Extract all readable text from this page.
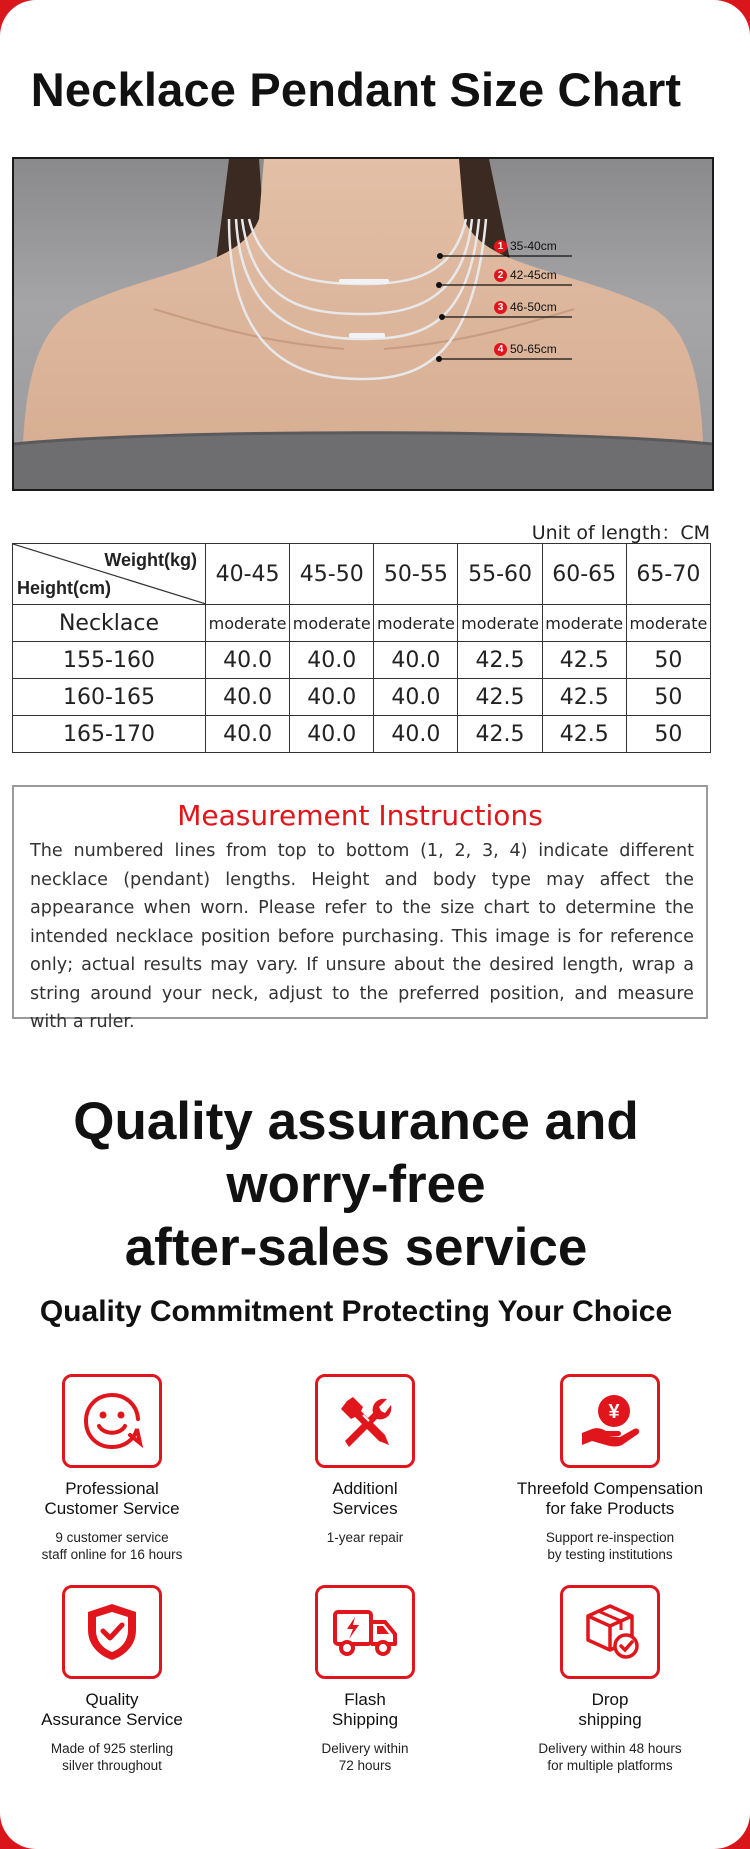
Necklace Pendant Size Chart
1 35-40cm
2 42-45cm
3 46-50cm
4 50-65cm
Unit of length：CM
Weight(kg)
Height(cm)	40-45	45-50	50-55	55-60	60-65	65-70
Necklace	moderate	moderate	moderate	moderate	moderate	moderate
155-160	40.0	40.0	40.0	42.5	42.5	50
160-165	40.0	40.0	40.0	42.5	42.5	50
165-170	40.0	40.0	40.0	42.5	42.5	50
Measurement Instructions
The numbered lines from top to bottom (1, 2, 3, 4) indicate different necklace (pendant) lengths. Height and body type may affect the appearance when worn. Please refer to the size chart to determine the intended necklace position before purchasing. This image is for reference only; actual results may vary. If unsure about the desired length, wrap a string around your neck, adjust to the preferred position, and measure with a ruler.
Quality assurance and
worry-free
after-sales service
Quality Commitment Protecting Your Choice
Professional
Customer Service
9 customer service
staff online for 16 hours
Additionl
Services
1-year repair
¥
Threefold Compensation
for fake Products
Support re-inspection
by testing institutions
Quality
Assurance Service
Made of 925 sterling
silver throughout
Flash
Shipping
Delivery within
72 hours
Drop
shipping
Delivery within 48 hours
for multiple platforms
